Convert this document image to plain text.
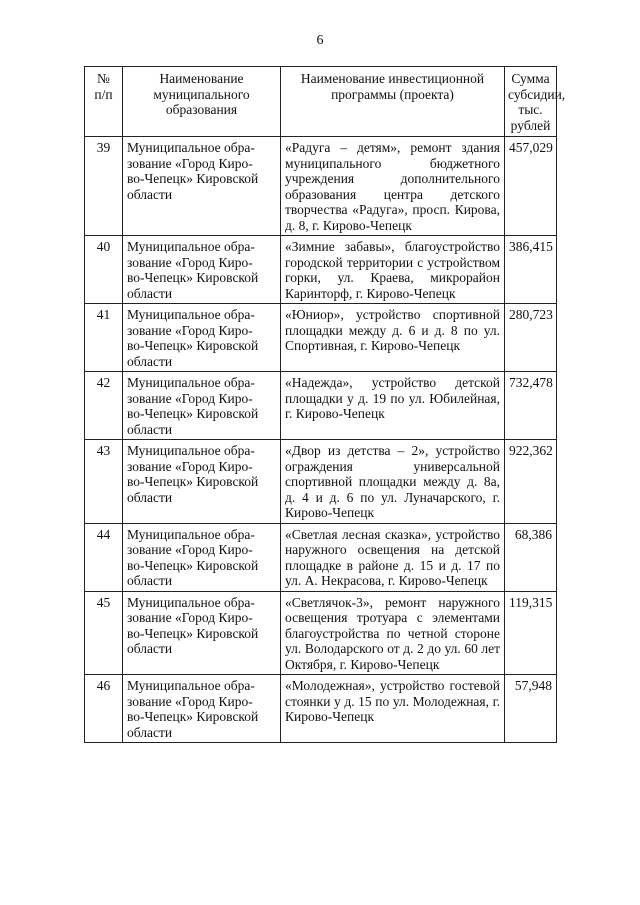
6
№
п/п	Наименование муниципального образования	Наименование инвестиционной программы (проекта)	Сумма субсидии, тыс. рублей
39	Муниципальное обра-
зование «Город Киро-
во-Чепецк» Кировской
области	«Радуга – детям», ремонт здания муниципального бюджетного учреждения дополнительного образования центра детского творчества «Радуга», просп. Кирова, д. 8, г. Кирово-Чепецк	457,029
40	Муниципальное обра-
зование «Город Киро-
во-Чепецк» Кировской
области	«Зимние забавы», благоустройство городской территории с устройством горки, ул. Краева, микрорайон Каринторф, г. Кирово-Чепецк	386,415
41	Муниципальное обра-
зование «Город Киро-
во-Чепецк» Кировской
области	«Юниор», устройство спортивной площадки между д. 6 и д. 8 по ул. Спортивная, г. Кирово-Чепецк	280,723
42	Муниципальное обра-
зование «Город Киро-
во-Чепецк» Кировской
области	«Надежда», устройство детской площадки у д. 19 по ул. Юбилейная, г. Кирово-Чепецк	732,478
43	Муниципальное обра-
зование «Город Киро-
во-Чепецк» Кировской
области	«Двор из детства – 2», устройство ограждения универсальной спортивной площадки между д. 8а, д. 4 и д. 6 по ул. Луначарского, г. Кирово-Чепецк	922,362
44	Муниципальное обра-
зование «Город Киро-
во-Чепецк» Кировской
области	«Светлая лесная сказка», устройство наружного освещения на детской площадке в районе д. 15 и д. 17 по ул. А. Некрасова, г. Кирово-Чепецк	68,386
45	Муниципальное обра-
зование «Город Киро-
во-Чепецк» Кировской
области	«Светлячок-3», ремонт наружного освещения тротуара с элементами благоустройства по четной стороне ул. Володарского от д. 2 до ул. 60 лет Октября, г. Кирово-Чепецк	119,315
46	Муниципальное обра-
зование «Город Киро-
во-Чепецк» Кировской
области	«Молодежная», устройство гостевой стоянки у д. 15 по ул. Молодежная, г. Кирово-Чепецк	57,948
